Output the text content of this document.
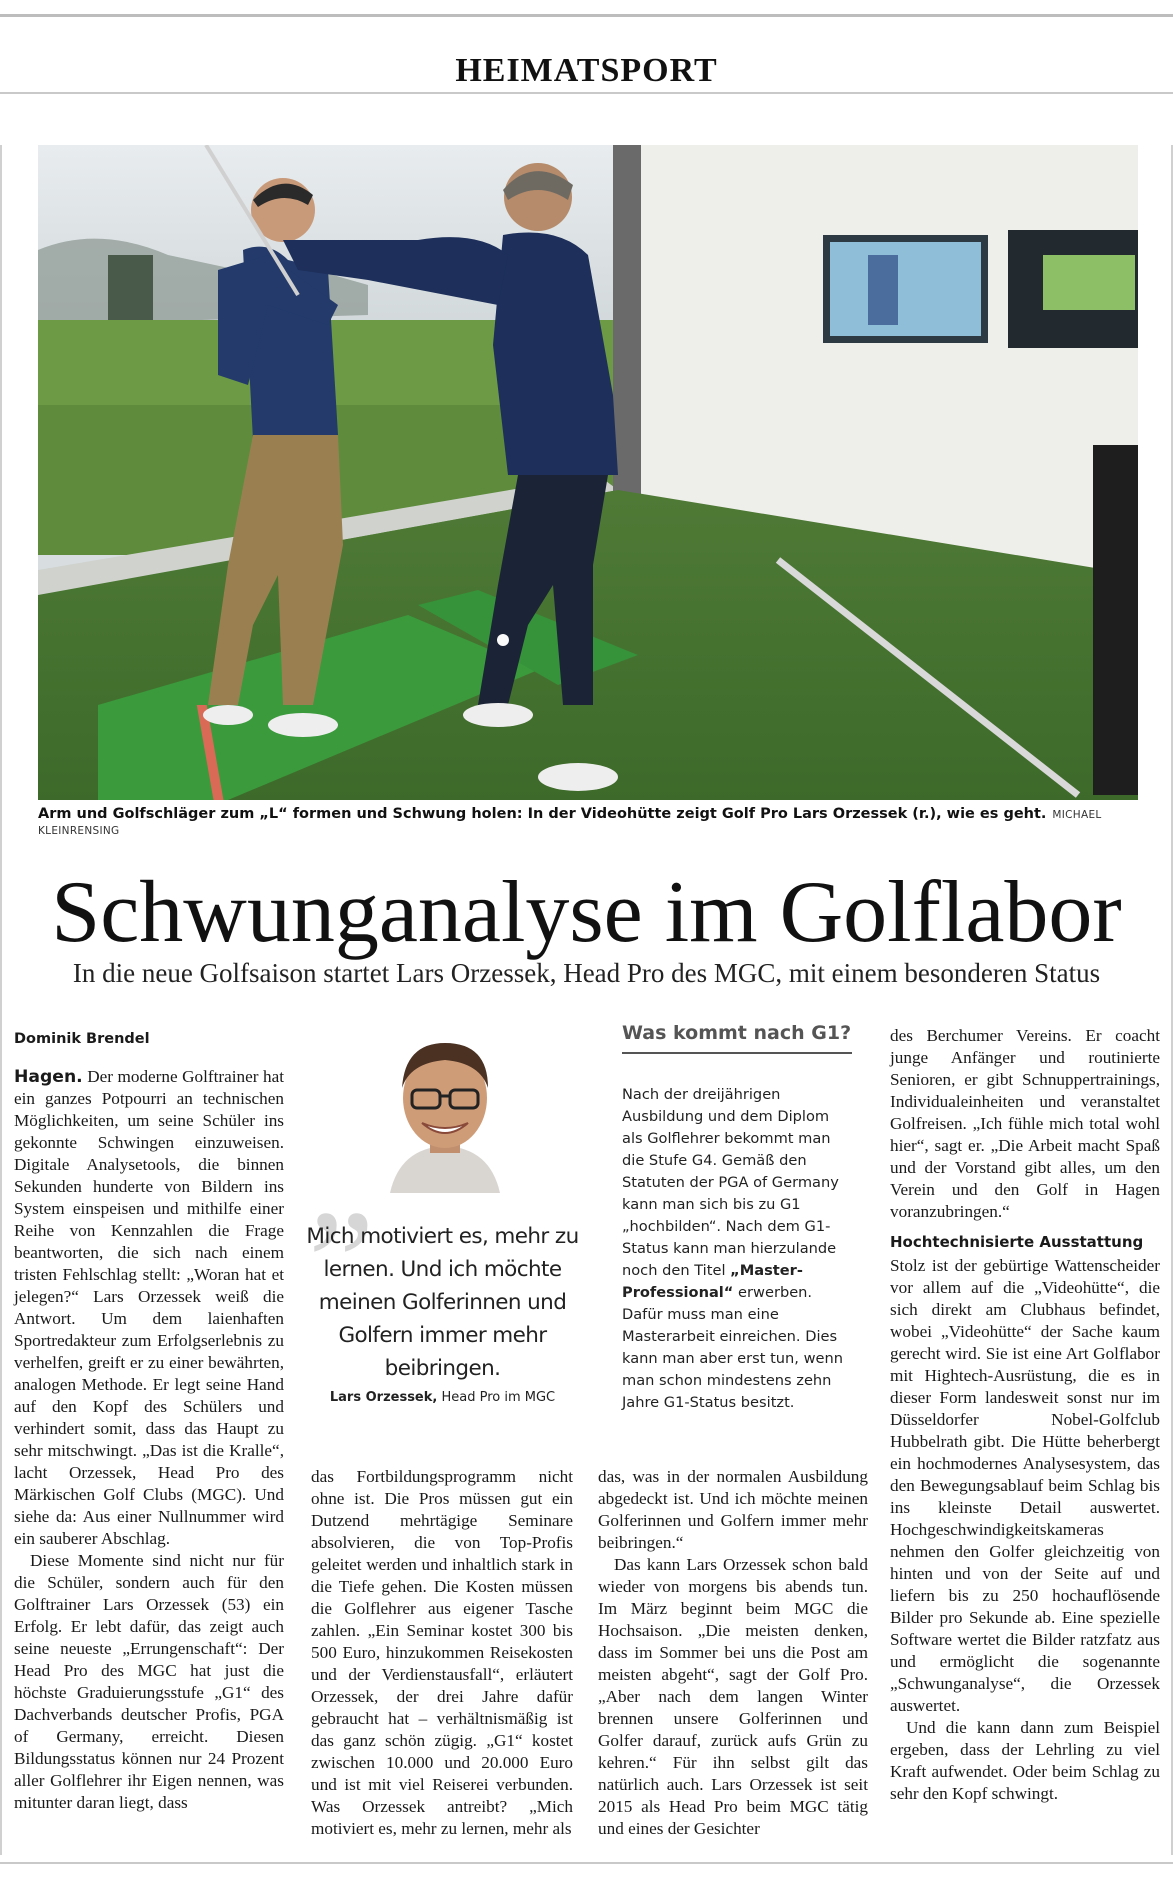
HEIMATSPORT
Arm und Golfschläger zum „L“ formen und Schwung holen: In der Videohütte zeigt Golf Pro Lars Orzessek (r.), wie es geht. MICHAEL KLEINRENSING
Schwunganalyse im Golflabor
In die neue Golfsaison startet Lars Orzessek, Head Pro des MGC, mit einem besonderen Status
Dominik Brendel

Hagen. Der moderne Golftrainer hat ein ganzes Potpourri an technischen Möglichkeiten, um seine Schüler ins gekonnte Schwingen einzuweisen. Digitale Analysetools, die binnen Sekunden hunderte von Bildern ins System einspeisen und mithilfe einer Reihe von Kennzahlen die Frage beantworten, die sich nach einem tristen Fehlschlag stellt: „Woran hat et jelegen?“ Lars Orzessek weiß die Antwort. Um dem laienhaften Sportredakteur zum Erfolgserlebnis zu verhelfen, greift er zu einer bewährten, analogen Methode. Er legt seine Hand auf den Kopf des Schülers und verhindert somit, dass das Haupt zu sehr mitschwingt. „Das ist die Kralle“, lacht Orzessek, Head Pro des Märkischen Golf Clubs (MGC). Und siehe da: Aus einer Nullnummer wird ein sauberer Abschlag.

Diese Momente sind nicht nur für die Schüler, sondern auch für den Golftrainer Lars Orzessek (53) ein Erfolg. Er lebt dafür, das zeigt auch seine neueste „Errungenschaft“: Der Head Pro des MGC hat just die höchste Graduierungsstufe „G1“ des Dachverbands deutscher Profis, PGA of Germany, erreicht. Diesen Bildungsstatus können nur 24 Prozent aller Golflehrer ihr Eigen nennen, was mitunter daran liegt, dass

”
Mich motiviert es, mehr zu lernen. Und ich möchte meinen Golferinnen und Golfern immer mehr beibringen.
Lars Orzessek, Head Pro im MGC
Was kommt nach G1?
Nach der dreijährigen Ausbildung und dem Diplom als Golflehrer bekommt man die Stufe G4. Gemäß den Statuten der PGA of Germany kann man sich bis zu G1 „hochbilden“. Nach dem G1-Status kann man hierzulande noch den Titel „Master-Professional“ erwerben. Dafür muss man eine Masterarbeit einreichen. Dies kann man aber erst tun, wenn man schon mindestens zehn Jahre G1-Status besitzt.

das Fortbildungsprogramm nicht ohne ist. Die Pros müssen gut ein Dutzend mehrtägige Seminare absolvieren, die von Top-Profis geleitet werden und inhaltlich stark in die Tiefe gehen. Die Kosten müssen die Golflehrer aus eigener Tasche zahlen. „Ein Seminar kostet 300 bis 500 Euro, hinzukommen Reisekosten und der Verdienstausfall“, erläutert Orzessek, der drei Jahre dafür gebraucht hat – verhältnismäßig ist das ganz schön zügig. „G1“ kostet zwischen 10.000 und 20.000 Euro und ist mit viel Reiserei verbunden. Was Orzessek antreibt? „Mich motiviert es, mehr zu lernen, mehr als

das, was in der normalen Ausbildung abgedeckt ist. Und ich möchte meinen Golferinnen und Golfern immer mehr beibringen.“

Das kann Lars Orzessek schon bald wieder von morgens bis abends tun. Im März beginnt beim MGC die Hochsaison. „Die meisten denken, dass im Sommer bei uns die Post am meisten abgeht“, sagt der Golf Pro. „Aber nach dem langen Winter brennen unsere Golferinnen und Golfer darauf, zurück aufs Grün zu kehren.“ Für ihn selbst gilt das natürlich auch. Lars Orzessek ist seit 2015 als Head Pro beim MGC tätig und eines der Gesichter

des Berchumer Vereins. Er coacht junge Anfänger und routinierte Senioren, er gibt Schnuppertrainings, Individualeinheiten und veranstaltet Golfreisen. „Ich fühle mich total wohl hier“, sagt er. „Die Arbeit macht Spaß und der Vorstand gibt alles, um den Verein und den Golf in Hagen voranzubringen.“

Hochtechnisierte Ausstattung

Stolz ist der gebürtige Wattenscheider vor allem auf die „Videohütte“, die sich direkt am Clubhaus befindet, wobei „Videohütte“ der Sache kaum gerecht wird. Sie ist eine Art Golflabor mit Hightech-Ausrüstung, die es in dieser Form landesweit sonst nur im Düsseldorfer Nobel-Golfclub Hubbelrath gibt. Die Hütte beherbergt ein hochmodernes Analysesystem, das den Bewegungsablauf beim Schlag bis ins kleinste Detail auswertet. Hochgeschwindigkeitskameras nehmen den Golfer gleichzeitig von hinten und von der Seite auf und liefern bis zu 250 hochauflösende Bilder pro Sekunde ab. Eine spezielle Software wertet die Bilder ratzfatz aus und ermöglicht die sogenannte „Schwunganalyse“, die Orzessek auswertet.

Und die kann dann zum Beispiel ergeben, dass der Lehrling zu viel Kraft aufwendet. Oder beim Schlag zu sehr den Kopf schwingt.
